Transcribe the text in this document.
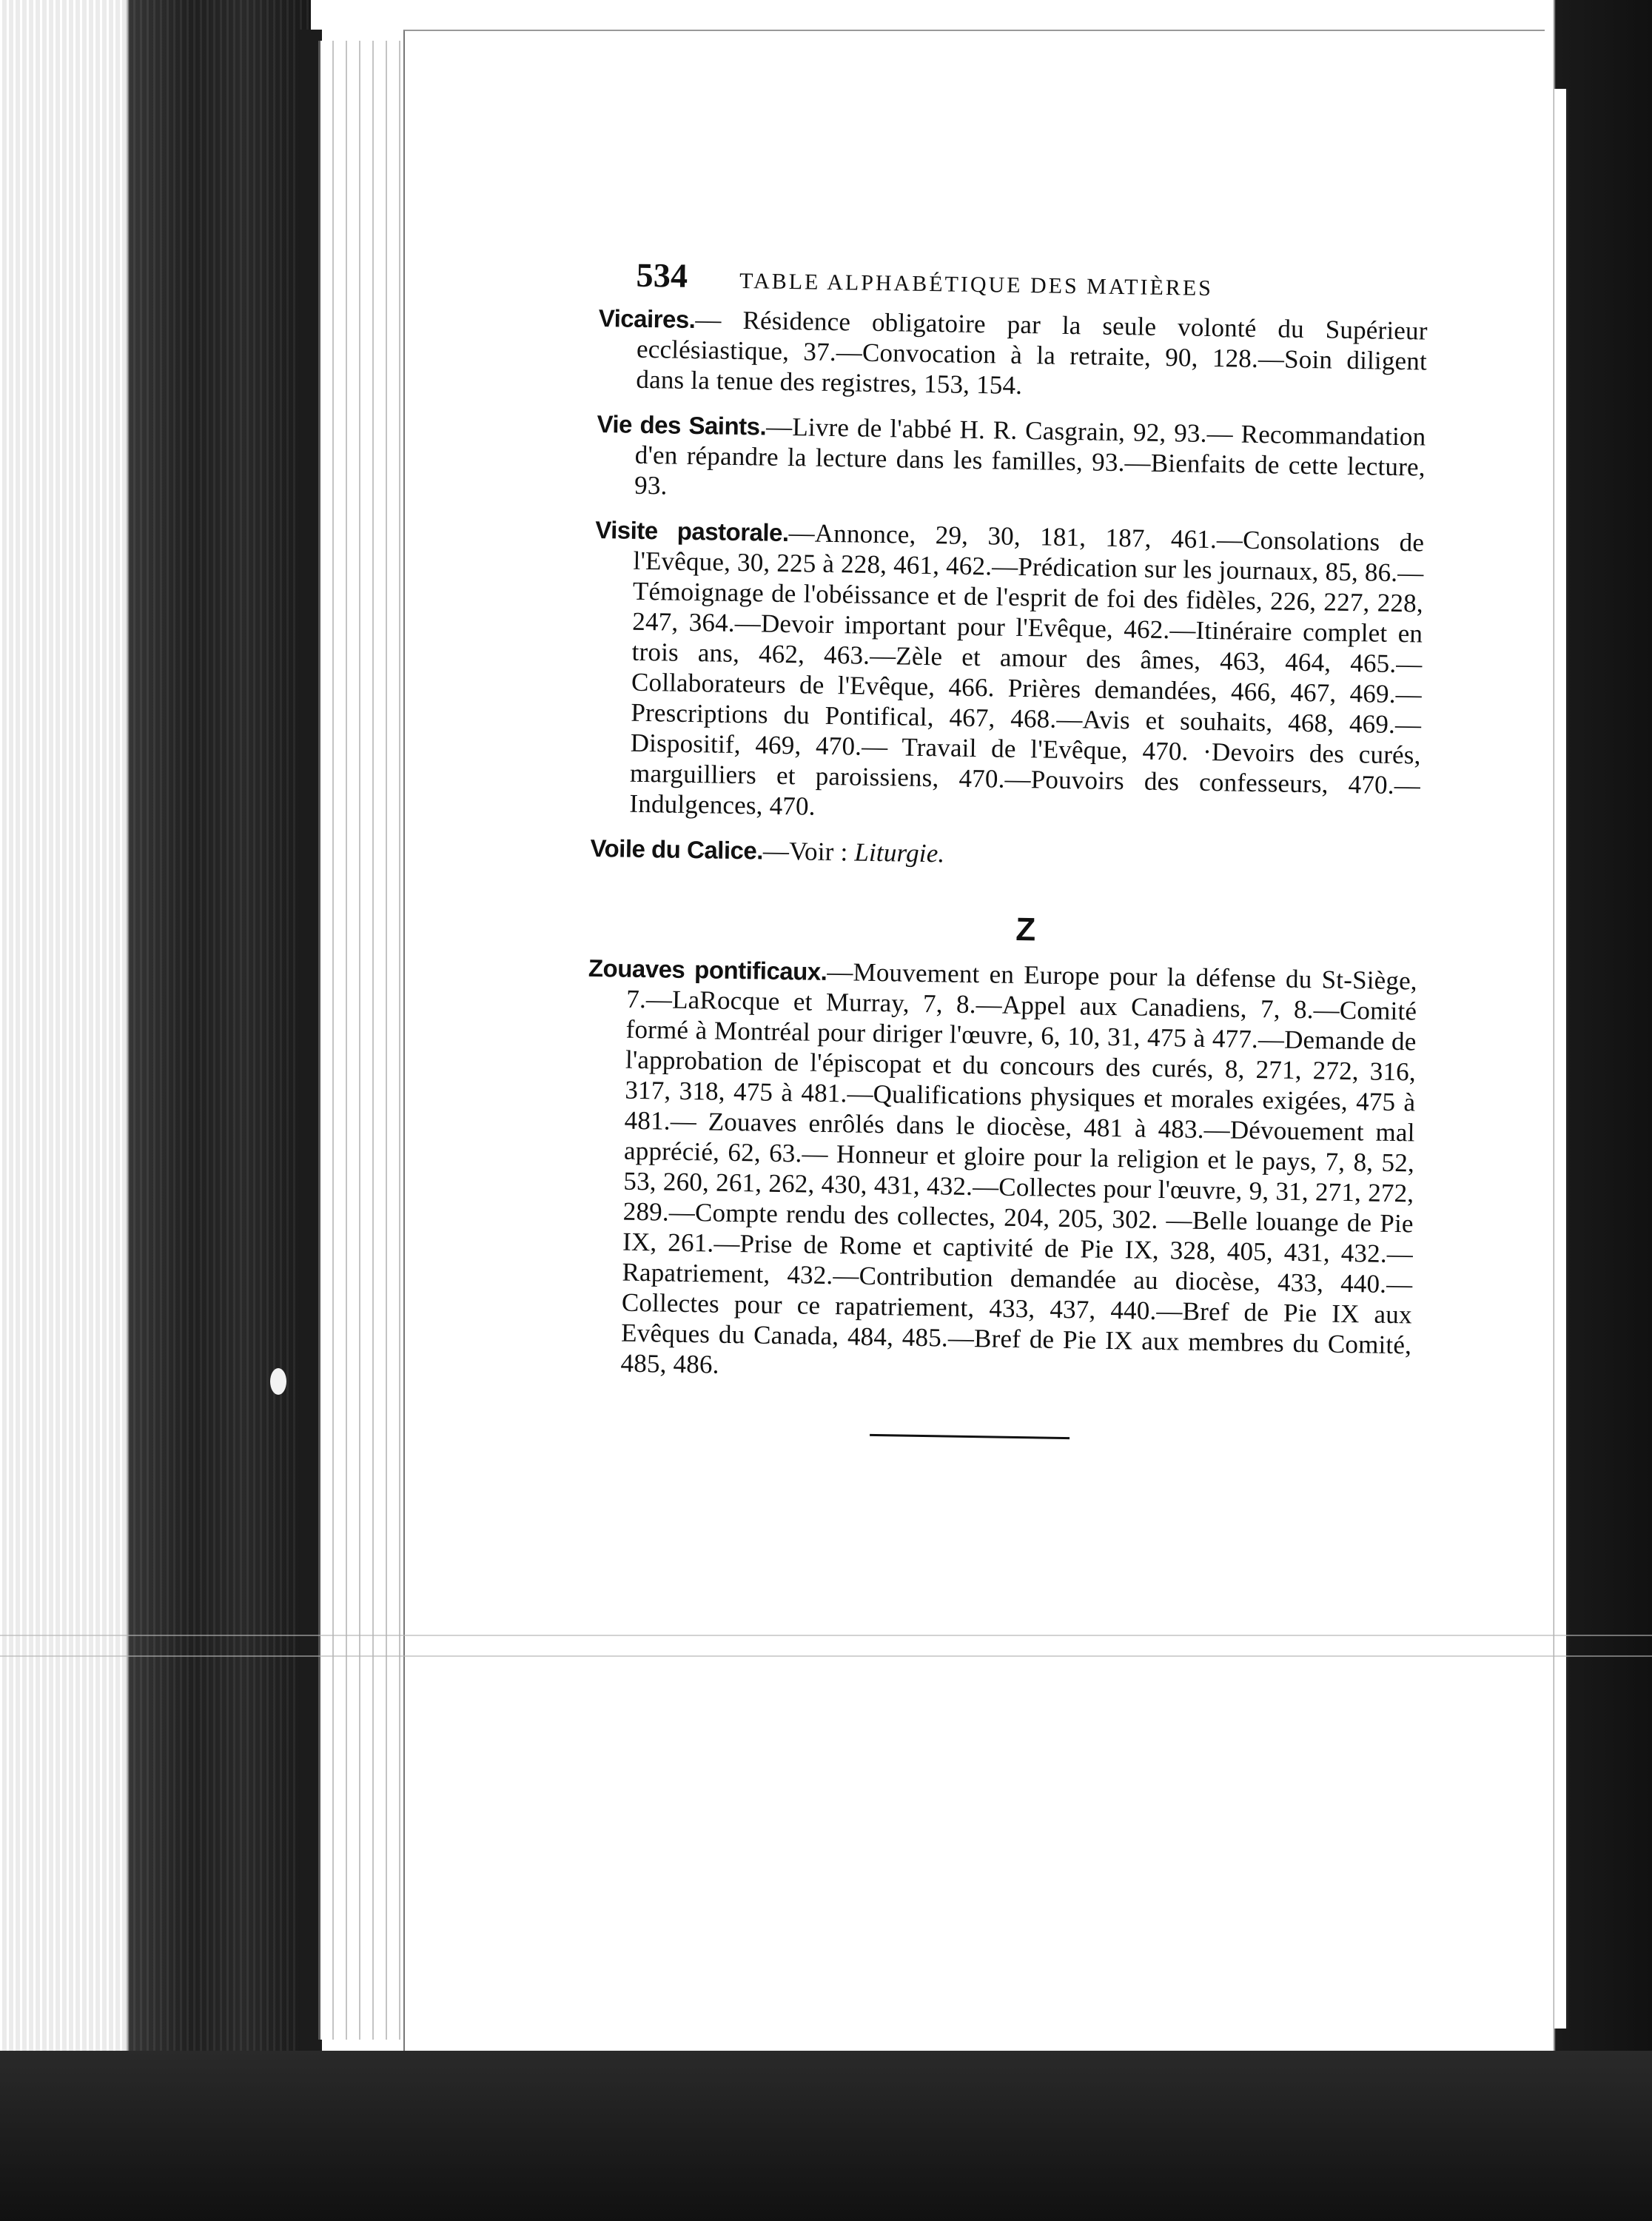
534 TABLE ALPHABÉTIQUE DES MATIÈRES

Vicaires.— Résidence obligatoire par la seule volonté du Supérieur ecclésiastique, 37.—Convocation à la retraite, 90, 128.—Soin diligent dans la tenue des registres, 153, 154.

Vie des Saints.—Livre de l'abbé H. R. Casgrain, 92, 93.— Recommandation d'en répandre la lecture dans les familles, 93.—Bienfaits de cette lecture, 93.

Visite pastorale.—Annonce, 29, 30, 181, 187, 461.—Consolations de l'Evêque, 30, 225 à 228, 461, 462.—Prédication sur les journaux, 85, 86.—Témoignage de l'obéissance et de l'esprit de foi des fidèles, 226, 227, 228, 247, 364.—Devoir important pour l'Evêque, 462.—Itinéraire complet en trois ans, 462, 463.—Zèle et amour des âmes, 463, 464, 465.—Collaborateurs de l'Evêque, 466. Prières demandées, 466, 467, 469.—Prescriptions du Pontifical, 467, 468.—Avis et souhaits, 468, 469.— Dispositif, 469, 470.— Travail de l'Evêque, 470. ·Devoirs des curés, marguilliers et paroissiens, 470.—Pouvoirs des confesseurs, 470.—Indulgences, 470.

Voile du Calice.—Voir : Liturgie.

Z

Zouaves pontificaux.—Mouvement en Europe pour la défense du St-Siège, 7.—LaRocque et Murray, 7, 8.—Appel aux Canadiens, 7, 8.—Comité formé à Montréal pour diriger l'œuvre, 6, 10, 31, 475 à 477.—Demande de l'approbation de l'épiscopat et du concours des curés, 8, 271, 272, 316, 317, 318, 475 à 481.—Qualifications physiques et morales exigées, 475 à 481.— Zouaves enrôlés dans le diocèse, 481 à 483.—Dévouement mal apprécié, 62, 63.— Honneur et gloire pour la religion et le pays, 7, 8, 52, 53, 260, 261, 262, 430, 431, 432.—Collectes pour l'œuvre, 9, 31, 271, 272, 289.—Compte rendu des collectes, 204, 205, 302. —Belle louange de Pie IX, 261.—Prise de Rome et captivité de Pie IX, 328, 405, 431, 432.—Rapatriement, 432.—Contribution demandée au diocèse, 433, 440.—Collectes pour ce rapatriement, 433, 437, 440.—Bref de Pie IX aux Evêques du Canada, 484, 485.—Bref de Pie IX aux membres du Comité, 485, 486.
